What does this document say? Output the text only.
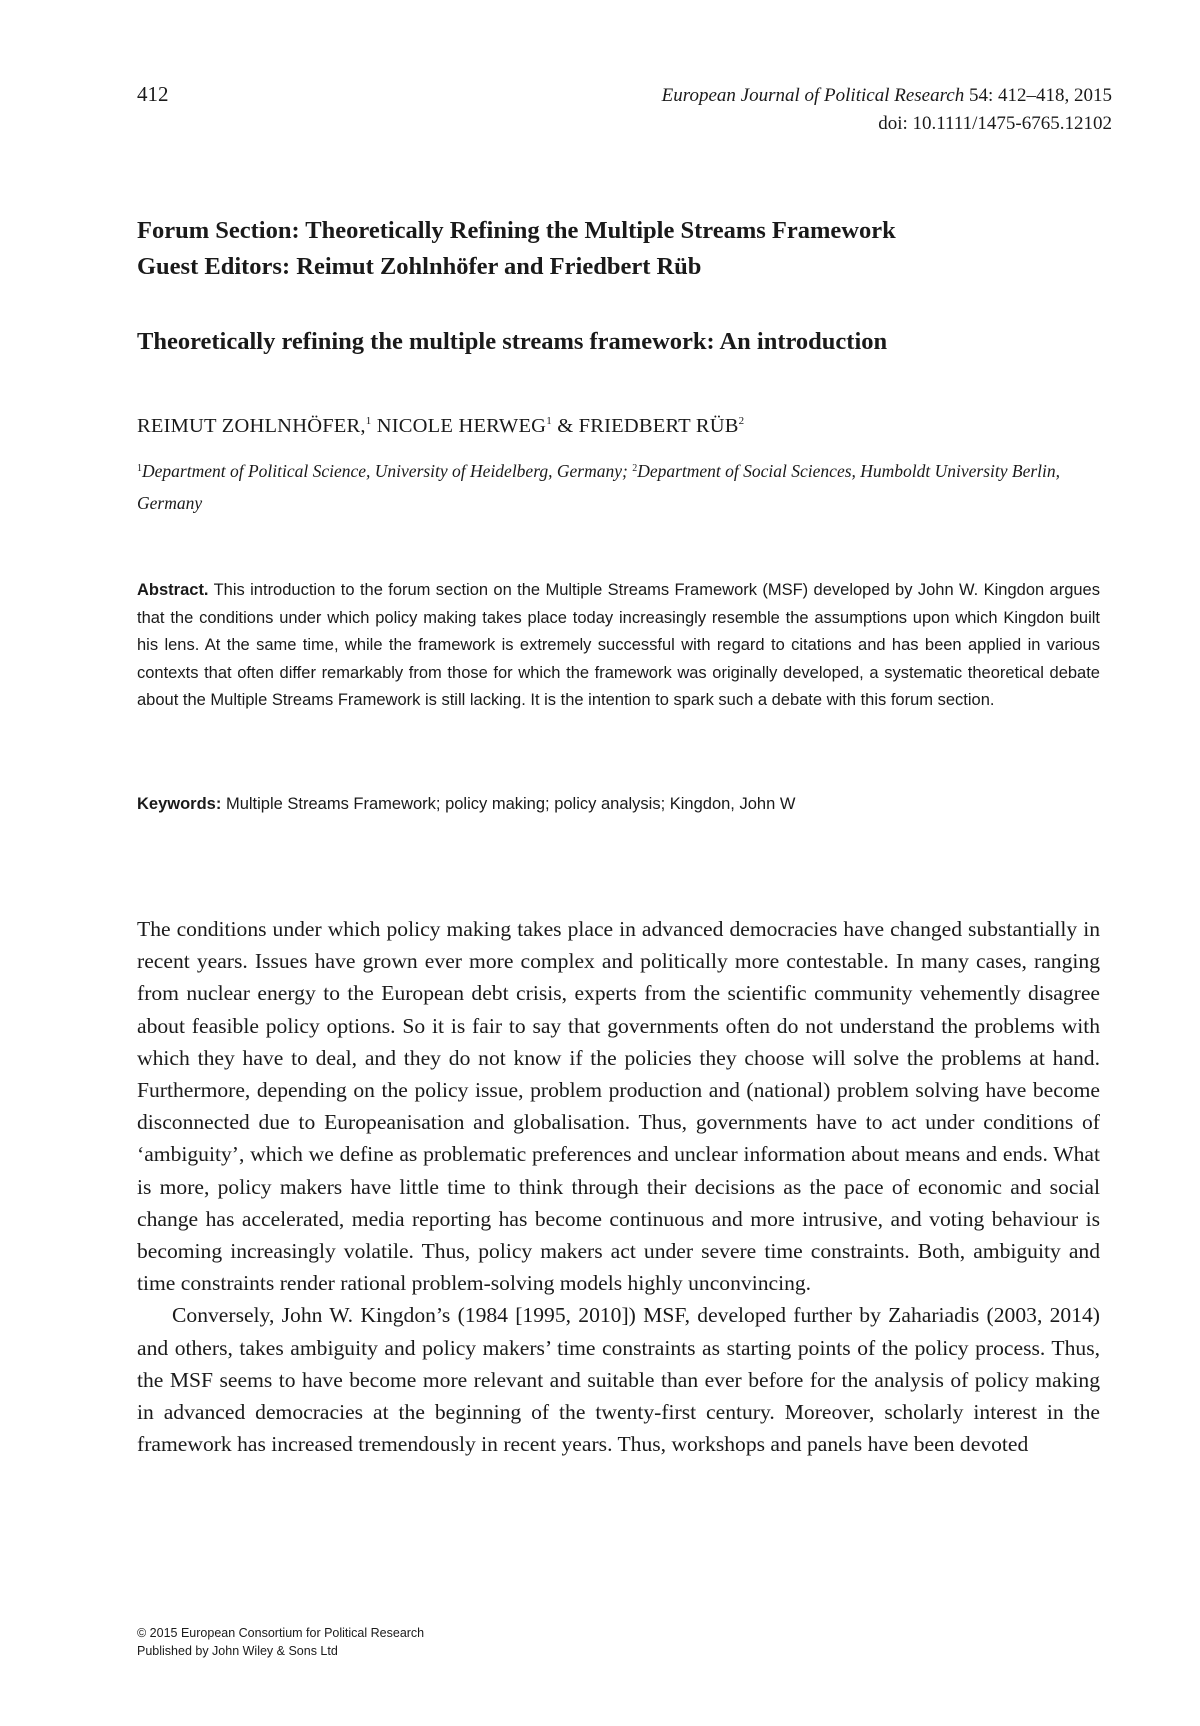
412	European Journal of Political Research 54: 412–418, 2015
doi: 10.1111/1475-6765.12102
Forum Section: Theoretically Refining the Multiple Streams Framework
Guest Editors: Reimut Zohlnhöfer and Friedbert Rüb
Theoretically refining the multiple streams framework: An introduction
REIMUT ZOHLNHÖFER,$^1$ NICOLE HERWEG$^1$ & FRIEDBERT RÜB$^2$
$^1$Department of Political Science, University of Heidelberg, Germany; $^2$Department of Social Sciences, Humboldt University Berlin, Germany
Abstract. This introduction to the forum section on the Multiple Streams Framework (MSF) developed by John W. Kingdon argues that the conditions under which policy making takes place today increasingly resemble the assumptions upon which Kingdon built his lens. At the same time, while the framework is extremely successful with regard to citations and has been applied in various contexts that often differ remarkably from those for which the framework was originally developed, a systematic theoretical debate about the Multiple Streams Framework is still lacking. It is the intention to spark such a debate with this forum section.
Keywords: Multiple Streams Framework; policy making; policy analysis; Kingdon, John W

The conditions under which policy making takes place in advanced democracies have changed substantially in recent years. Issues have grown ever more complex and politically more contestable. In many cases, ranging from nuclear energy to the European debt crisis, experts from the scientific community vehemently disagree about feasible policy options. So it is fair to say that governments often do not understand the problems with which they have to deal, and they do not know if the policies they choose will solve the problems at hand. Furthermore, depending on the policy issue, problem production and (national) problem solving have become disconnected due to Europeanisation and globalisation. Thus, governments have to act under conditions of ‘ambiguity’, which we define as problematic preferences and unclear information about means and ends. What is more, policy makers have little time to think through their decisions as the pace of economic and social change has accelerated, media reporting has become continuous and more intrusive, and voting behaviour is becoming increasingly volatile. Thus, policy makers act under severe time constraints. Both, ambiguity and time constraints render rational problem-solving models highly unconvincing.

Conversely, John W. Kingdon’s (1984 [1995, 2010]) MSF, developed further by Zahariadis (2003, 2014) and others, takes ambiguity and policy makers’ time constraints as starting points of the policy process. Thus, the MSF seems to have become more relevant and suitable than ever before for the analysis of policy making in advanced democracies at the beginning of the twenty-first century. Moreover, scholarly interest in the framework has increased tremendously in recent years. Thus, workshops and panels have been devoted

© 2015 European Consortium for Political Research
Published by John Wiley & Sons Ltd
